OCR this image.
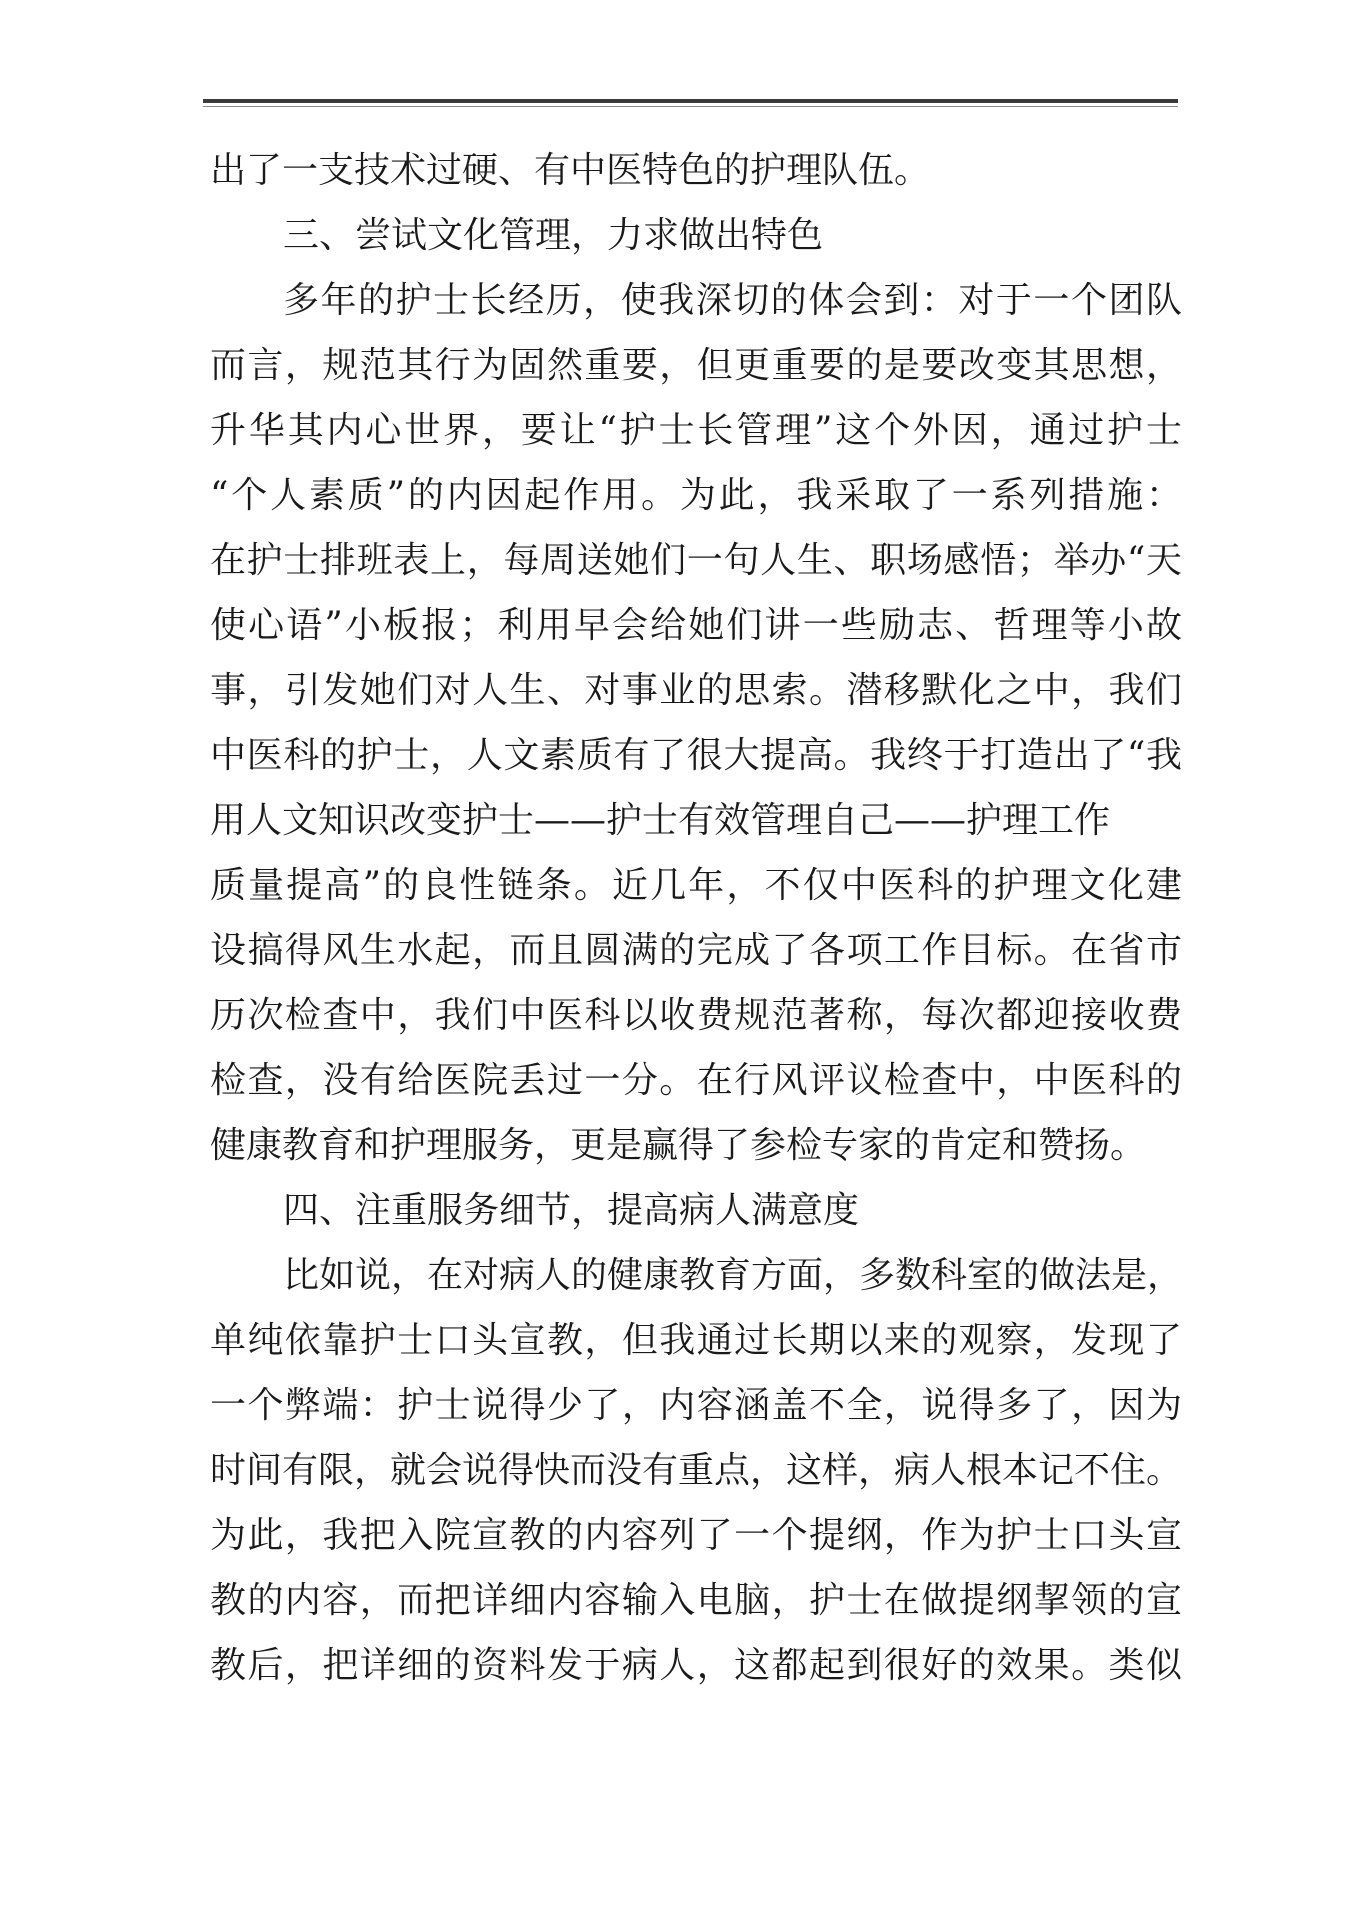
出了一支技术过硬、有中医特色的护理队伍。
三、尝试文化管理，力求做出特色
多年的护士长经历，使我深切的体会到：对于一个团队
而言，规范其行为固然重要，但更重要的是要改变其思想，
升华其内心世界，要让“护士长管理”这个外因，通过护士
“个人素质”的内因起作用。为此，我采取了一系列措施：
在护士排班表上，每周送她们一句人生、职场感悟；举办“天
使心语”小板报；利用早会给她们讲一些励志、哲理等小故
事，引发她们对人生、对事业的思索。潜移默化之中，我们
中医科的护士，人文素质有了很大提高。我终于打造出了“我
用人文知识改变护士——护士有效管理自己——护理工作
质量提高”的良性链条。近几年，不仅中医科的护理文化建
设搞得风生水起，而且圆满的完成了各项工作目标。在省市
历次检查中，我们中医科以收费规范著称，每次都迎接收费
检查，没有给医院丢过一分。在行风评议检查中，中医科的
健康教育和护理服务，更是赢得了参检专家的肯定和赞扬。
四、注重服务细节，提高病人满意度
比如说，在对病人的健康教育方面，多数科室的做法是，
单纯依靠护士口头宣教，但我通过长期以来的观察，发现了
一个弊端：护士说得少了，内容涵盖不全，说得多了，因为
时间有限，就会说得快而没有重点，这样，病人根本记不住。
为此，我把入院宣教的内容列了一个提纲，作为护士口头宣
教的内容，而把详细内容输入电脑，护士在做提纲挈领的宣
教后，把详细的资料发于病人，这都起到很好的效果。类似
